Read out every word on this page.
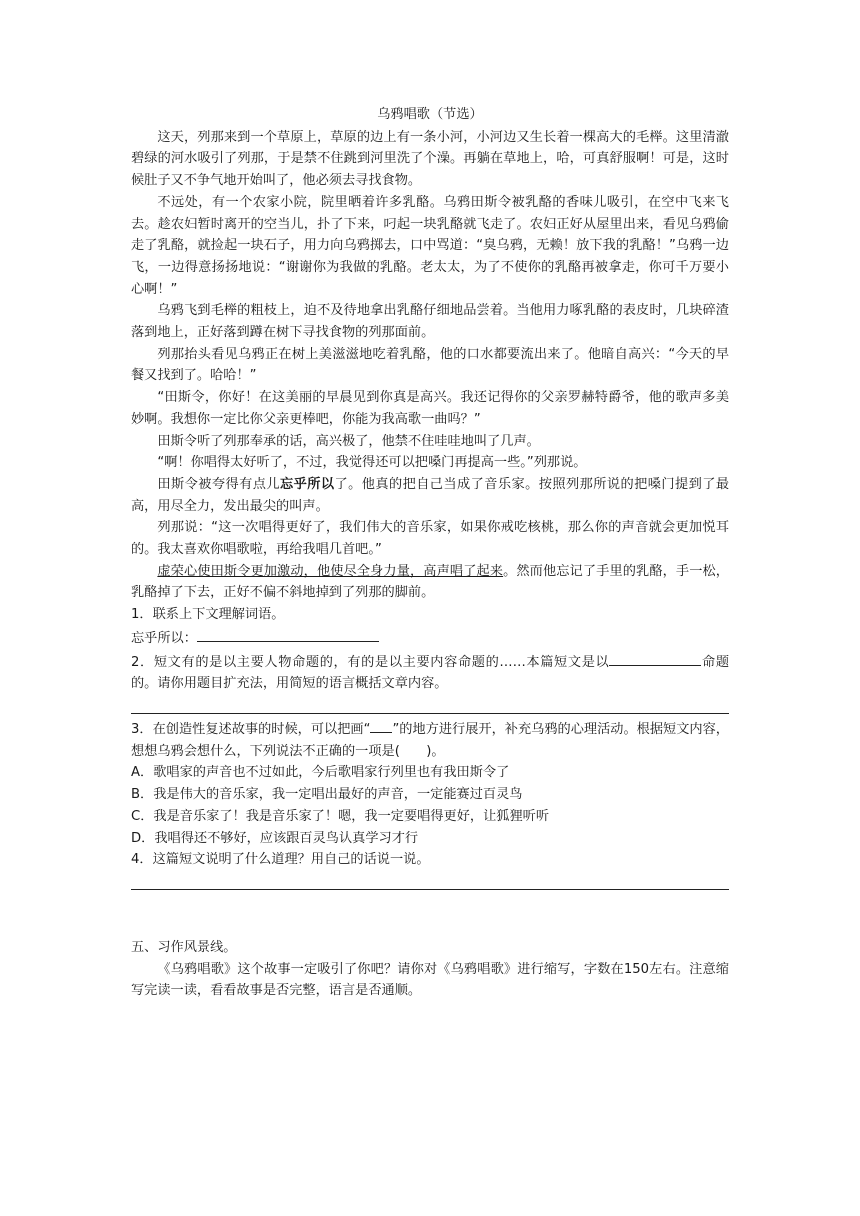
乌鸦唱歌（节选）

这天，列那来到一个草原上，草原的边上有一条小河，小河边又生长着一棵高大的毛榉。这里清澈碧绿的河水吸引了列那，于是禁不住跳到河里洗了个澡。再躺在草地上，哈，可真舒服啊！可是，这时候肚子又不争气地开始叫了，他必须去寻找食物。

不远处，有一个农家小院，院里晒着许多乳酪。乌鸦田斯令被乳酪的香味儿吸引，在空中飞来飞去。趁农妇暂时离开的空当儿，扑了下来，叼起一块乳酪就飞走了。农妇正好从屋里出来，看见乌鸦偷走了乳酪，就捡起一块石子，用力向乌鸦掷去，口中骂道：“臭乌鸦，无赖！放下我的乳酪！”乌鸦一边飞，一边得意扬扬地说：“谢谢你为我做的乳酪。老太太，为了不使你的乳酪再被拿走，你可千万要小心啊！”

乌鸦飞到毛榉的粗枝上，迫不及待地拿出乳酪仔细地品尝着。当他用力啄乳酪的表皮时，几块碎渣落到地上，正好落到蹲在树下寻找食物的列那面前。

列那抬头看见乌鸦正在树上美滋滋地吃着乳酪，他的口水都要流出来了。他暗自高兴：“今天的早餐又找到了。哈哈！”

“田斯令，你好！在这美丽的早晨见到你真是高兴。我还记得你的父亲罗赫特爵爷，他的歌声多美妙啊。我想你一定比你父亲更棒吧，你能为我高歌一曲吗？”

田斯令听了列那奉承的话，高兴极了，他禁不住哇哇地叫了几声。

“啊！你唱得太好听了，不过，我觉得还可以把嗓门再提高一些。”列那说。

田斯令被夸得有点儿忘乎所以了。他真的把自己当成了音乐家。按照列那所说的把嗓门提到了最高，用尽全力，发出最尖的叫声。

列那说：“这一次唱得更好了，我们伟大的音乐家，如果你戒吃核桃，那么你的声音就会更加悦耳的。我太喜欢你唱歌啦，再给我唱几首吧。”

虚荣心使田斯令更加激动，他使尽全身力量，高声唱了起来。然而他忘记了手里的乳酪，手一松，乳酪掉了下去，正好不偏不斜地掉到了列那的脚前。

1．联系上下文理解词语。

忘乎所以：

2．短文有的是以主要人物命题的，有的是以主要内容命题的……本篇短文是以	命题的。请你用题目扩充法，用简短的语言概括文章内容。

3．在创造性复述故事的时候，可以把画“ ”的地方进行展开，补充乌鸦的心理活动。根据短文内容，想想乌鸦会想什么，下列说法不正确的一项是(　　)。

A．歌唱家的声音也不过如此，今后歌唱家行列里也有我田斯令了

B．我是伟大的音乐家，我一定唱出最好的声音，一定能赛过百灵鸟

C．我是音乐家了！我是音乐家了！嗯，我一定要唱得更好，让狐狸听听

D．我唱得还不够好，应该跟百灵鸟认真学习才行

4．这篇短文说明了什么道理？用自己的话说一说。

五、习作风景线。

《乌鸦唱歌》这个故事一定吸引了你吧？请你对《乌鸦唱歌》进行缩写，字数在150左右。注意缩写完读一读，看看故事是否完整，语言是否通顺。
